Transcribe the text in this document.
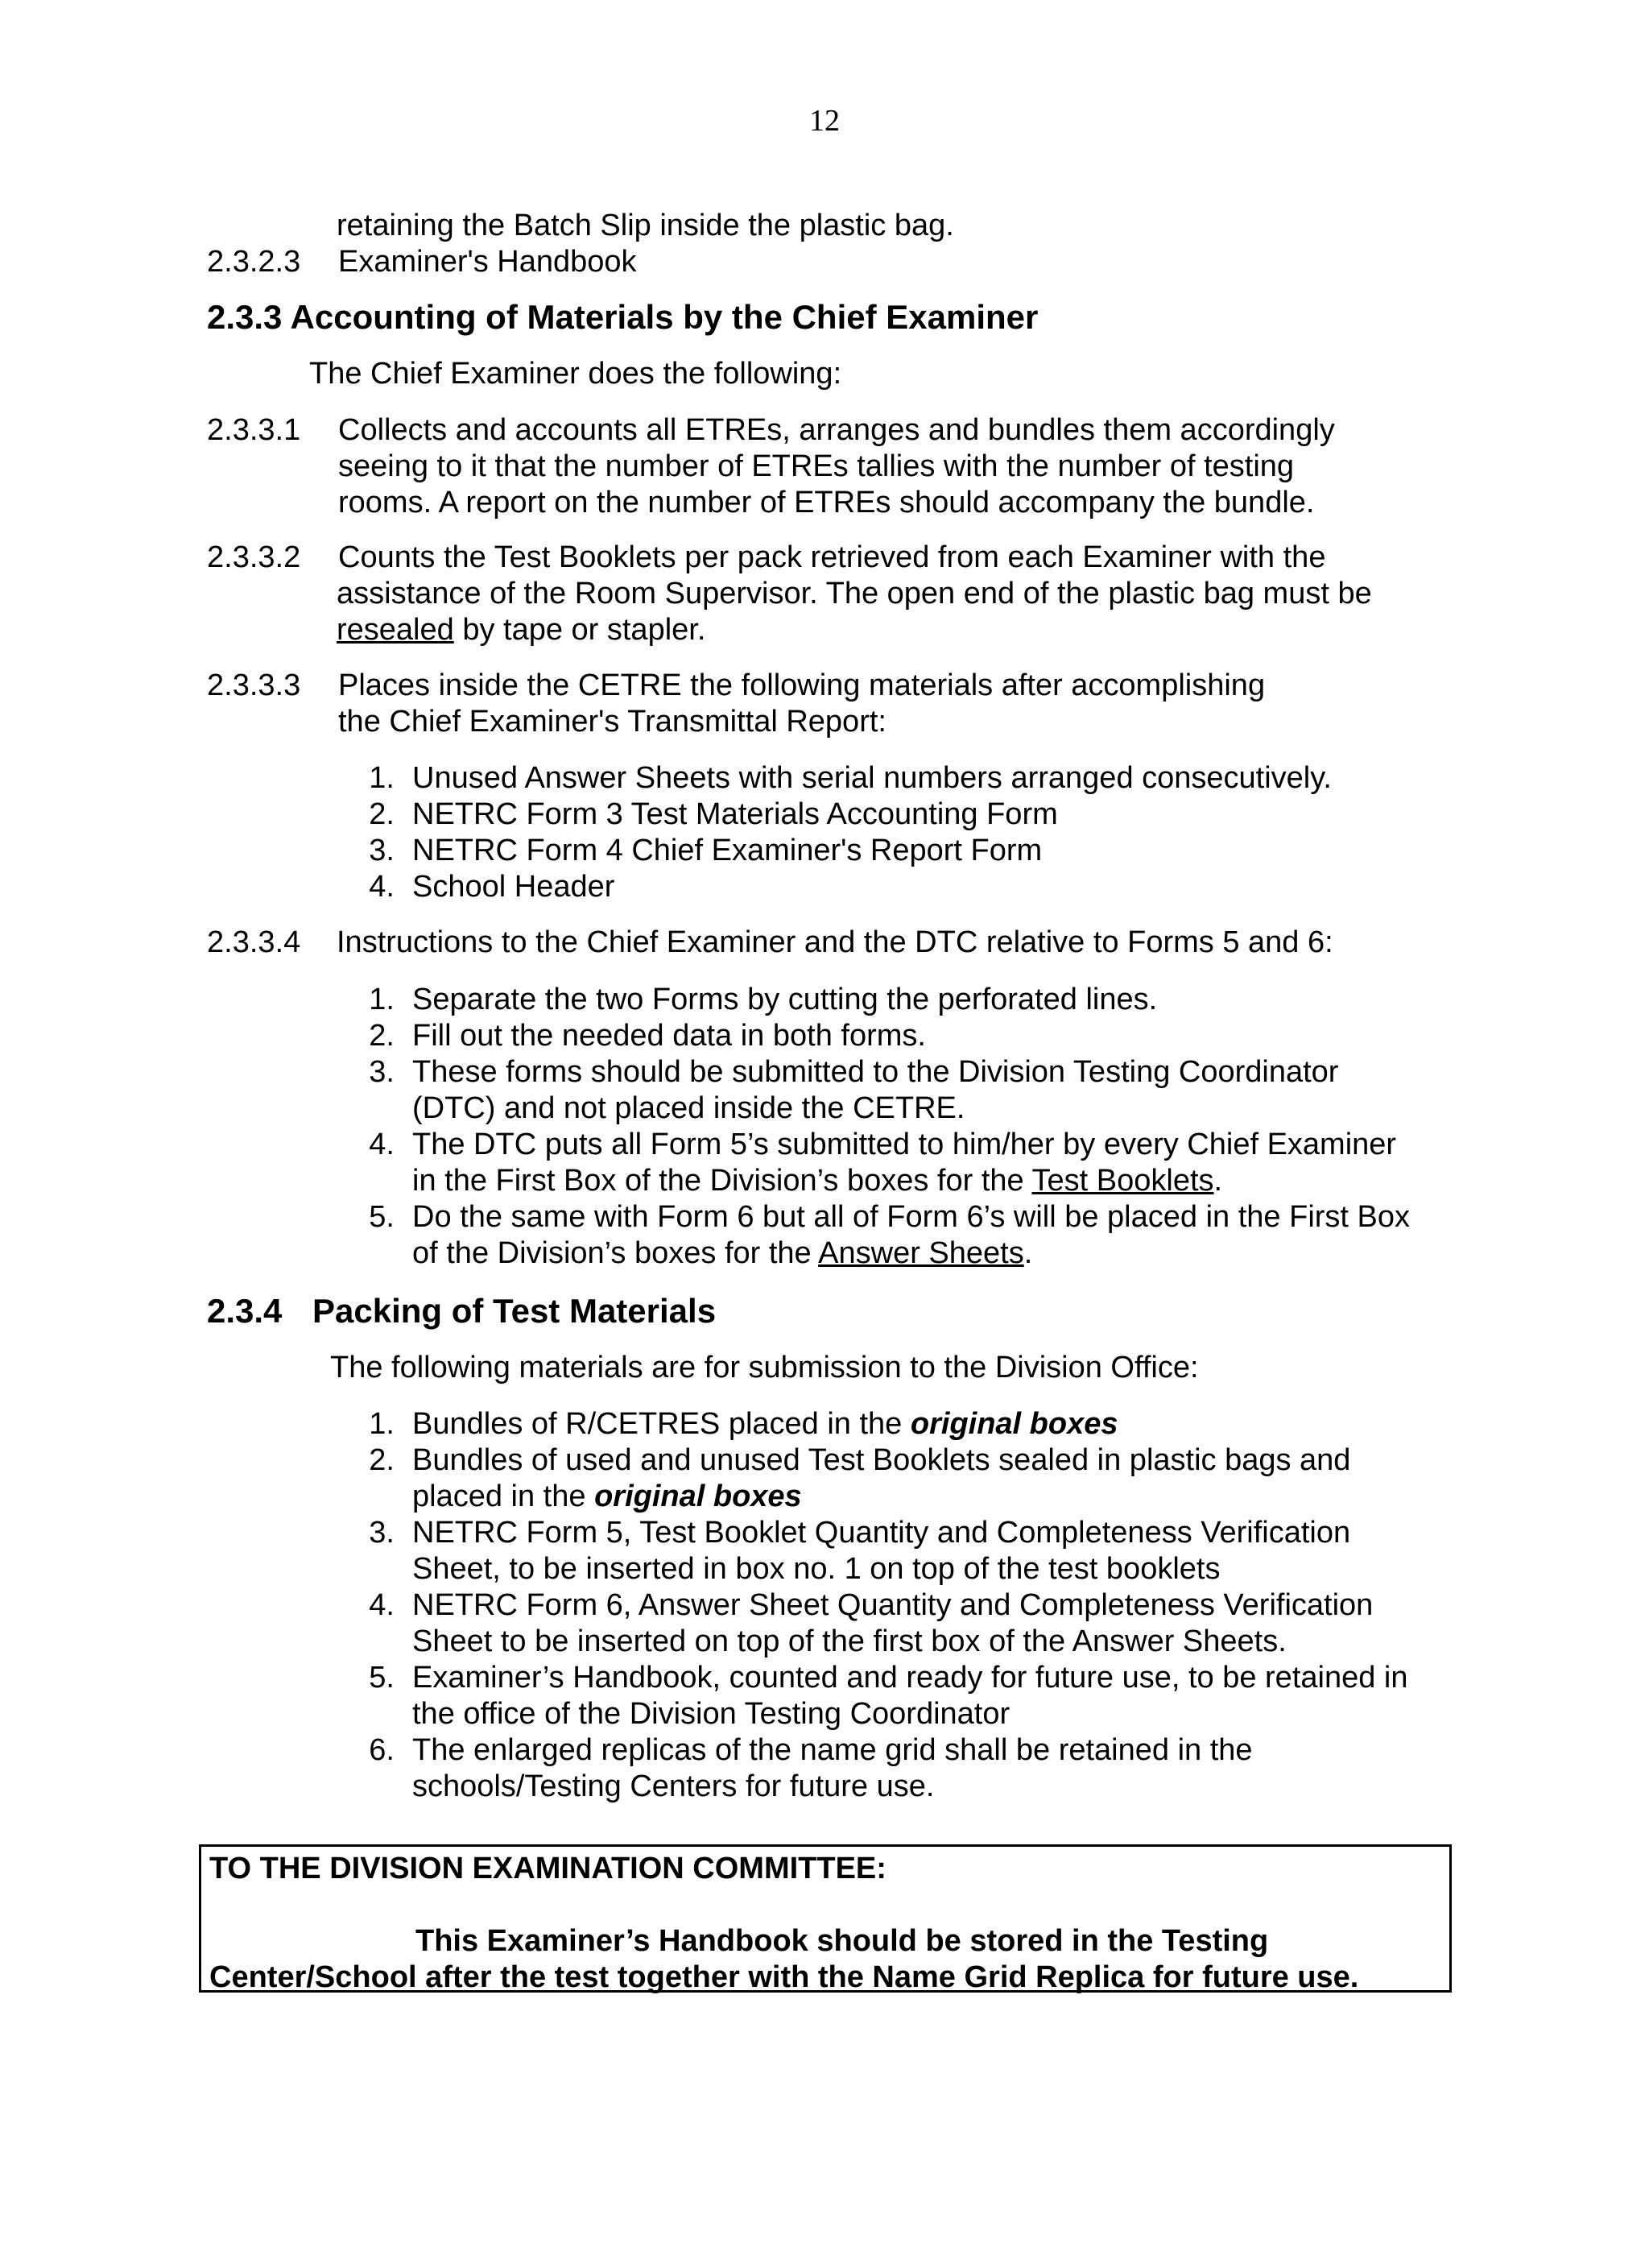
12
retaining the Batch Slip inside the plastic bag.
2.3.2.3 Examiner's Handbook
2.3.3 Accounting of Materials by the Chief Examiner
The Chief Examiner does the following:
2.3.3.1 Collects and accounts all ETREs, arranges and bundles them accordingly
seeing to it that the number of ETREs tallies with the number of testing
rooms. A report on the number of ETREs should accompany the bundle.
2.3.3.2 Counts the Test Booklets per pack retrieved from each Examiner with the
assistance of the Room Supervisor. The open end of the plastic bag must be
resealed by tape or stapler.
2.3.3.3 Places inside the CETRE the following materials after accomplishing
the Chief Examiner's Transmittal Report:
1. Unused Answer Sheets with serial numbers arranged consecutively.
2. NETRC Form 3 Test Materials Accounting Form
3. NETRC Form 4 Chief Examiner's Report Form
4. School Header
2.3.3.4 Instructions to the Chief Examiner and the DTC relative to Forms 5 and 6:
1. Separate the two Forms by cutting the perforated lines.
2. Fill out the needed data in both forms.
3. These forms should be submitted to the Division Testing Coordinator
(DTC) and not placed inside the CETRE.
4. The DTC puts all Form 5’s submitted to him/her by every Chief Examiner
in the First Box of the Division’s boxes for the Test Booklets.
5. Do the same with Form 6 but all of Form 6’s will be placed in the First Box
of the Division’s boxes for the Answer Sheets.
2.3.4 Packing of Test Materials
The following materials are for submission to the Division Office:
1. Bundles of R/CETRES placed in the original boxes
2. Bundles of used and unused Test Booklets sealed in plastic bags and
placed in the original boxes
3. NETRC Form 5, Test Booklet Quantity and Completeness Verification
Sheet, to be inserted in box no. 1 on top of the test booklets
4. NETRC Form 6, Answer Sheet Quantity and Completeness Verification
Sheet to be inserted on top of the first box of the Answer Sheets.
5. Examiner’s Handbook, counted and ready for future use, to be retained in
the office of the Division Testing Coordinator
6. The enlarged replicas of the name grid shall be retained in the
schools/Testing Centers for future use.
TO THE DIVISION EXAMINATION COMMITTEE:
This Examiner’s Handbook should be stored in the Testing
Center/School after the test together with the Name Grid Replica for future use.
